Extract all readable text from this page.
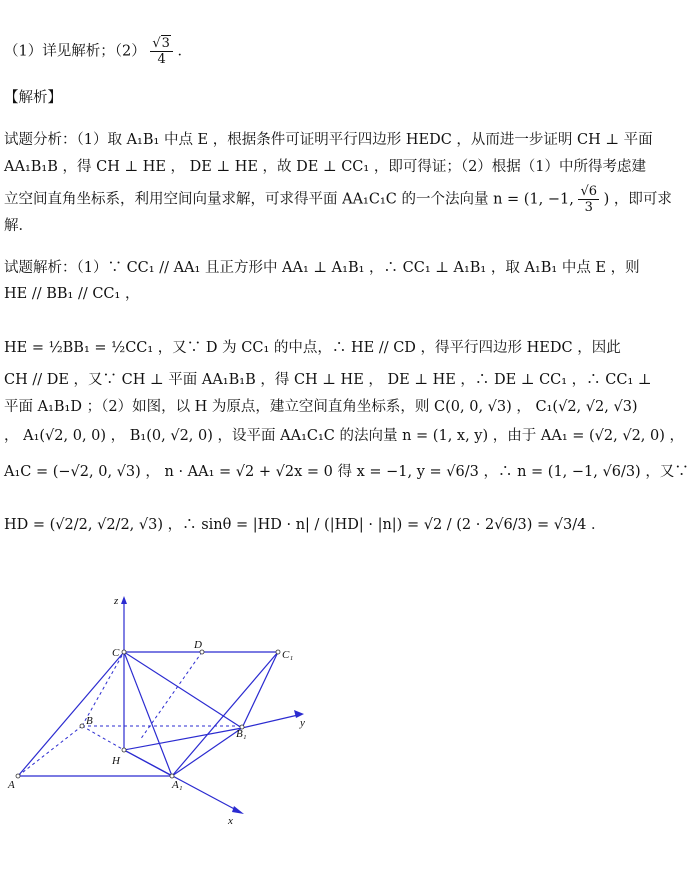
（1）详见解析；$(2) \frac{√3}{4}$ ．
【解析】
试题分析：（1）取 A₁B₁ 中点 E ，根据条件可证明平行四边形 HEDC ，从而进一步证明 CH ⊥ 平面
AA₁B₁B ，得 CH ⊥ HE ， DE ⊥ HE ，故 DE ⊥ CC₁ ，即可得证；（2）根据（1）中所得考虑建
立空间直角坐标系，利用空间向量求解，可求得平面 AA₁C₁C 的一个法向量 n = (1, −1, $\frac{√6}{3}$ ) ，即可求
解．
试题解析：（1）∵ CC₁ // AA₁ 且正方形中 AA₁ ⊥ A₁B₁ ，∴ CC₁ ⊥ A₁B₁ ，取 A₁B₁ 中点 E ，则
HE // BB₁ // CC₁ ，
HE = ½BB₁ = ½CC₁ ，又∵ D 为 CC₁ 的中点，∴ HE // CD ，得平行四边形 HEDC ，因此
CH // DE ，又∵ CH ⊥ 平面 AA₁B₁B ，得 CH ⊥ HE ， DE ⊥ HE ，∴ DE ⊥ CC₁ ，∴ CC₁ ⊥
平面 A₁B₁D ；（2）如图，以 H 为原点，建立空间直角坐标系，则 C(0, 0, √3) ， C₁(√2, √2, √3)
， A₁(√2, 0, 0) ， B₁(0, √2, 0) ，设平面 AA₁C₁C 的法向量 n = (1, x, y) ，由于 AA₁ = (√2, √2, 0) ，
A₁C = (−√2, 0, √3) ， n · AA₁ = √2 + √2x = 0 得 x = −1, y = √6/3 ，∴ n = (1, −1, √6/3) ，又∵
HD = (√2/2, √2/2, √3) ，∴ sinθ = |HD · n| / (|HD| · |n|) = √2 / (2 · 2√6/3) = √3/4 ．
z
C
D
C₁
B
B₁
H
A	A₁
x
y
